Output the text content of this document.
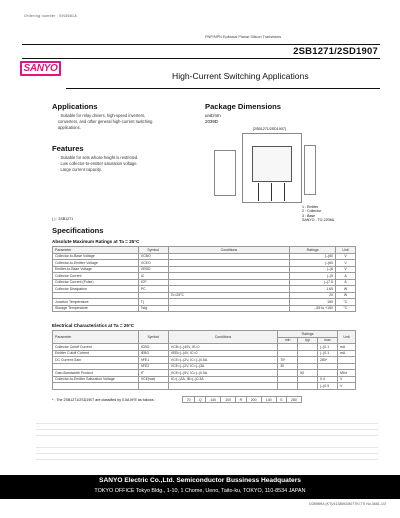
Ordering number : EN3681A
PNP/NPN Epitaxial Planar Silicon Transistors
2SB1271/2SD1907
SANYO
High-Current Switching Applications
Applications
· Suitable for relay drivers, high-speed inverters,
converters, and other general high-current switching
applications.
Features
· Suitable for sets whose height is restricted.
· Low collector-to-emitter saturation voltage.
· Large current capacity.
Package Dimensions
unit:mm
2039D
[2SB1271/2SD1907]
1 : Emitter
2 : Collector
3 : Base
SANYO : TO-220ML
( ) : 2SB1271
Specifications
Absolute Maximum Ratings at Ta = 25°C
Parameter	Symbol	Conditions	Ratings	Unit
Collector-to-Base Voltage	VCBO		(–)60	V
Collector-to-Emitter Voltage	VCEO		(–)60	V
Emitter-to-Base Voltage	VEBO		(–)6	V
Collector Current	IC		(–)5	A
Collector Current (Pulse)	ICP		(–)7.5	A
Collector Dissipation	PC		1.65	W
		Tc=25°C	20	W
Junction Temperature	Tj		150	°C
Storage Temperature	Tstg		–55 to +150	°C
Electrical Characteristics at Ta = 25°C
Parameter	Symbol	Conditions	Ratings			Unit
			min	typ	max	
Collector Cutoff Current	ICBO	VCB=(–)40V, IE=0			(–)0.1	mA
Emitter Cutoff Current	IEBO	VEB=(–)4V, IC=0			(–)0.1	mA
DC Current Gain	hFE1	VCE=(–)2V, IC=(–)0.5A	70*		280*	
	hFE2	VCE=(–)2V, IC=(–)3A	30			
Gain-Bandwidth Product	fT	VCE=(–)5V, IC=(–)0.5A		50		MHz
Collector-to-Emitter Saturation Voltage	VCE(sat)	IC=(–)3A, IB=(–)0.3A			0.4	V
					(–)0.5	V
* : The 2SB1271/2SD1907 are classified by 0.5A hFE as follows :	70	Q	140	100	R	200	140	S	280
SANYO Electric Co.,Ltd. Semiconductor Bussiness Headquaters
TOKYO OFFICE Tokyo Bldg., 1-10, 1 Chome, Ueno, Taito-ku, TOKYO, 110-8534 JAPAN
O2898HA (KT)/4138MO/8077KI,TS No.3681-1/3
